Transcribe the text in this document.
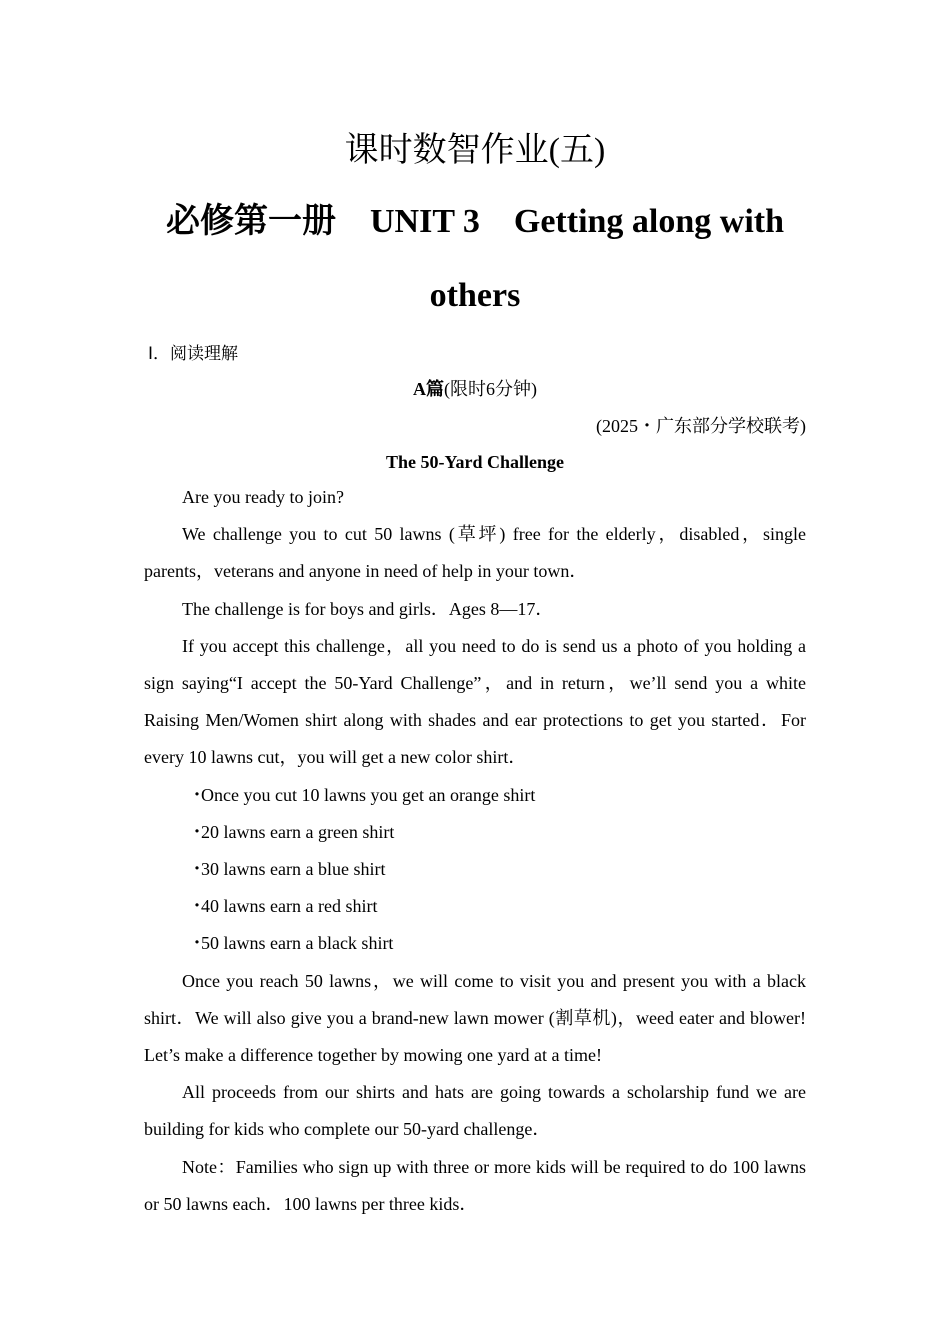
课时数智作业(五)
必修第一册　UNIT 3　Getting along with
others
Ⅰ．阅读理解
A篇(限时6分钟)
(2025・广东部分学校联考)
The 50-Yard Challenge

Are you ready to join?

We challenge you to cut 50 lawns (草坪) free for the elderly，disabled，single parents，veterans and anyone in need of help in your town．

The challenge is for boys and girls．Ages 8—17．

If you accept this challenge，all you need to do is send us a photo of you holding a sign saying“I accept the 50-Yard Challenge”，and in return，we’ll send you a white Raising Men/Women shirt along with shades and ear protections to get you started．For every 10 lawns cut，you will get a new color shirt．

・Once you cut 10 lawns you get an orange shirt
・20 lawns earn a green shirt
・30 lawns earn a blue shirt
・40 lawns earn a red shirt
・50 lawns earn a black shirt

Once you reach 50 lawns，we will come to visit you and present you with a black shirt．We will also give you a brand-new lawn mower (割草机)，weed eater and blower! Let’s make a difference together by mowing one yard at a time!

All proceeds from our shirts and hats are going towards a scholarship fund we are building for kids who complete our 50-yard challenge．

Note：Families who sign up with three or more kids will be required to do 100 lawns or 50 lawns each．100 lawns per three kids．
